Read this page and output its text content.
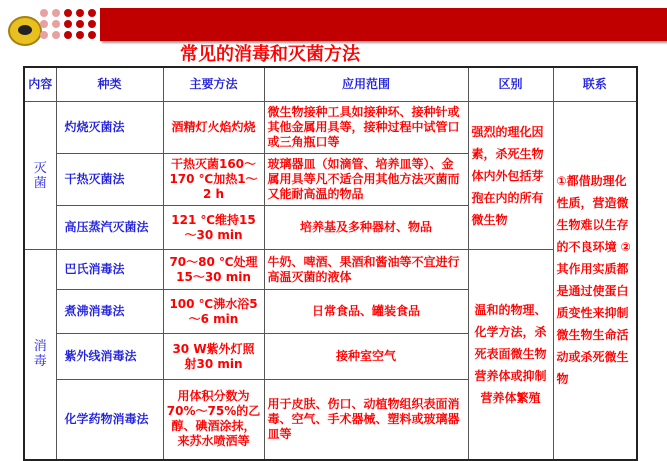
常见的消毒和灭菌方法
内容	种类	主要方法	应用范围	区别	联系
灭菌	灼烧灭菌法	酒精灯火焰灼烧	微生物接种工具如接种环、接种针或其他金属用具等，接种过程中试管口或三角瓶口等	强烈的理化因素，杀死生物体内外包括芽孢在内的所有微生物	①都借助理化性质，营造微生物难以生存的不良环境 ②其作用实质都是通过使蛋白质变性来抑制微生物生命活动或杀死微生物
	干热灭菌法	干热灭菌160～170 ℃加热1～2 h	玻璃器皿（如滴管、培养皿等）、金属用具等凡不适合用其他方法灭菌而又能耐高温的物品		
	高压蒸汽灭菌法	121 ℃维持15～30 min	培养基及多种器材、物品		
消毒	巴氏消毒法	70～80 ℃处理15～30 min	牛奶、啤酒、果酒和酱油等不宜进行高温灭菌的液体	温和的物理、化学方法，杀死表面微生物营养体或抑制营养体繁殖	
	煮沸消毒法	100 ℃沸水浴5～6 min	日常食品、罐装食品		
	紫外线消毒法	30 W紫外灯照射30 min	接种室空气		
	化学药物消毒法	用体积分数为70%～75%的乙醇、碘酒涂抹，来苏水喷洒等	用于皮肤、伤口、动植物组织表面消毒、空气、手术器械、塑料或玻璃器皿等		
